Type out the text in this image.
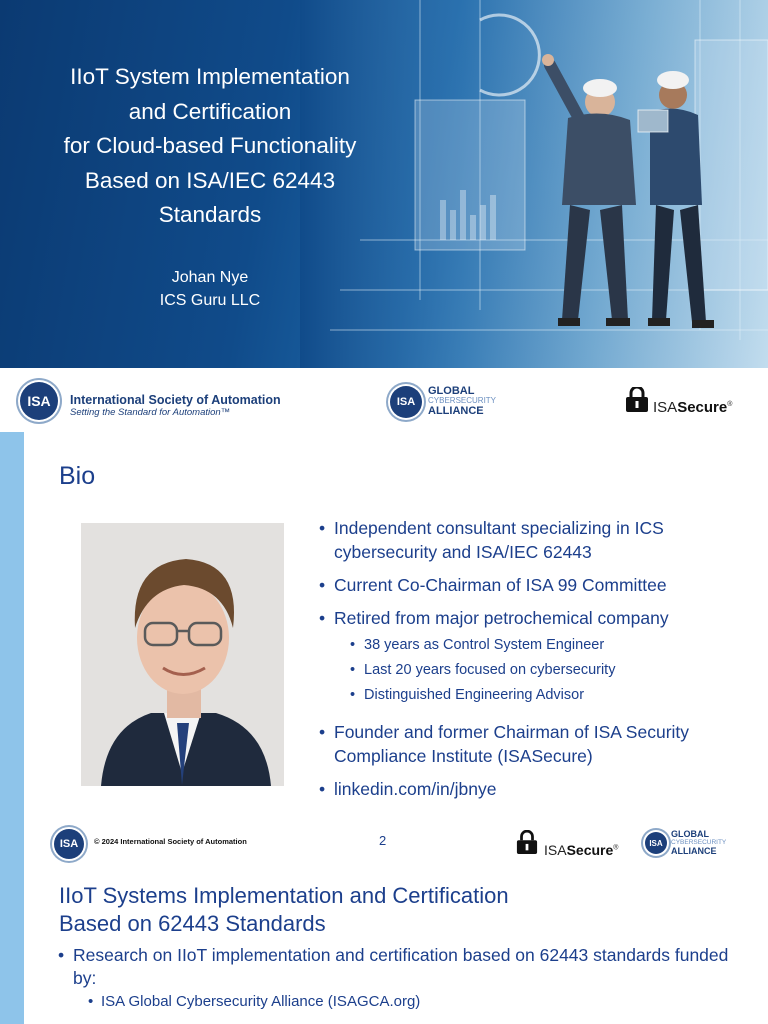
IIoT System Implementation
and Certification
for Cloud-based Functionality
Based on ISA/IEC 62443
Standards
Johan Nye
ICS Guru LLC
ISA	International Society of Automation
Setting the Standard for Automation™
ISA
GLOBAL
CYBERSECURITY
ALLIANCE	ISASecure®
Bio
• Independent consultant specializing in ICS cybersecurity and ISA/IEC 62443
• Current Co-Chairman of ISA 99 Committee
• Retired from major petrochemical company
• 38 years as Control System Engineer
• Last 20 years focused on cybersecurity
• Distinguished Engineering Advisor
• Founder and former Chairman of ISA Security Compliance Institute (ISASecure)
• linkedin.com/in/jbnye
ISA	© 2024 International Society of Automation	2
ISASecure®
ISA
GLOBAL
CYBERSECURITY
ALLIANCE
IIoT Systems Implementation and Certification
Based on 62443 Standards
• Research on IIoT implementation and certification based on 62443 standards funded by:
• ISA Global Cybersecurity Alliance (ISAGCA.org)
